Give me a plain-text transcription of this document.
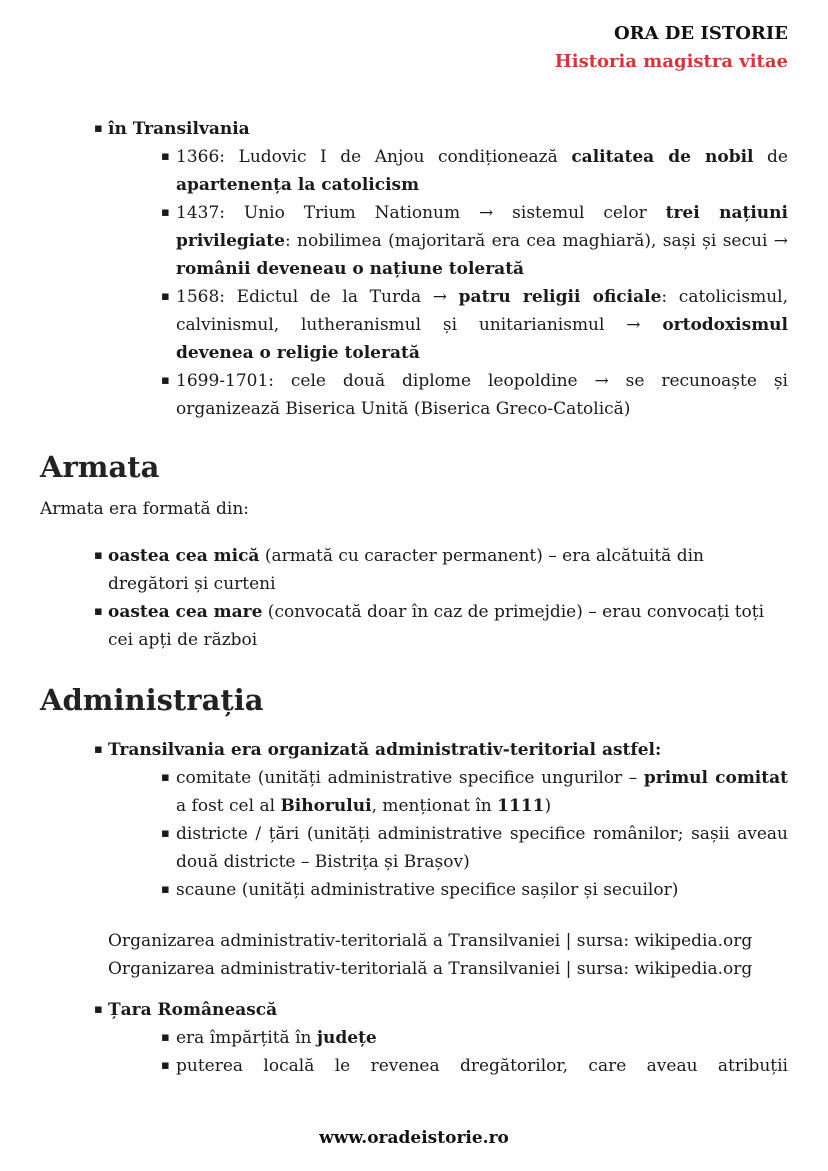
ORA DE ISTORIE
Historia magistra vitae
▪ în Transilvania
▪ 1366: Ludovic I de Anjou condiționează calitatea de nobil de apartenența la catolicism
▪ 1437: Unio Trium Nationum → sistemul celor trei națiuni privilegiate: nobilimea (majoritară era cea maghiară), sași și secui → românii deveneau o națiune tolerată
▪ 1568: Edictul de la Turda → patru religii oficiale: catolicismul, calvinismul, lutheranismul și unitarianismul → ortodoxismul devenea o religie tolerată
▪ 1699-1701: cele două diplome leopoldine → se recunoaște și organizează Biserica Unită (Biserica Greco-Catolică)
Armata

Armata era formată din:

▪ oastea cea mică (armată cu caracter permanent) – era alcătuită din dregători și curteni
▪ oastea cea mare (convocată doar în caz de primejdie) – erau convocați toți cei apți de război
Administrația
▪ Transilvania era organizată administrativ-teritorial astfel:
▪ comitate (unități administrative specifice ungurilor – primul comitat a fost cel al Bihorului, menționat în 1111)
▪ districte / țări (unități administrative specifice românilor; sașii aveau două districte – Bistrița și Brașov)
▪ scaune (unități administrative specifice sașilor și secuilor)
Organizarea administrativ-teritorială a Transilvaniei | sursa: wikipedia.org
Organizarea administrativ-teritorială a Transilvaniei | sursa: wikipedia.org
▪ Țara Românească
▪ era împărțită în județe
▪ puterea locală le revenea dregătorilor, care aveau atribuții
www.oradeistorie.ro
